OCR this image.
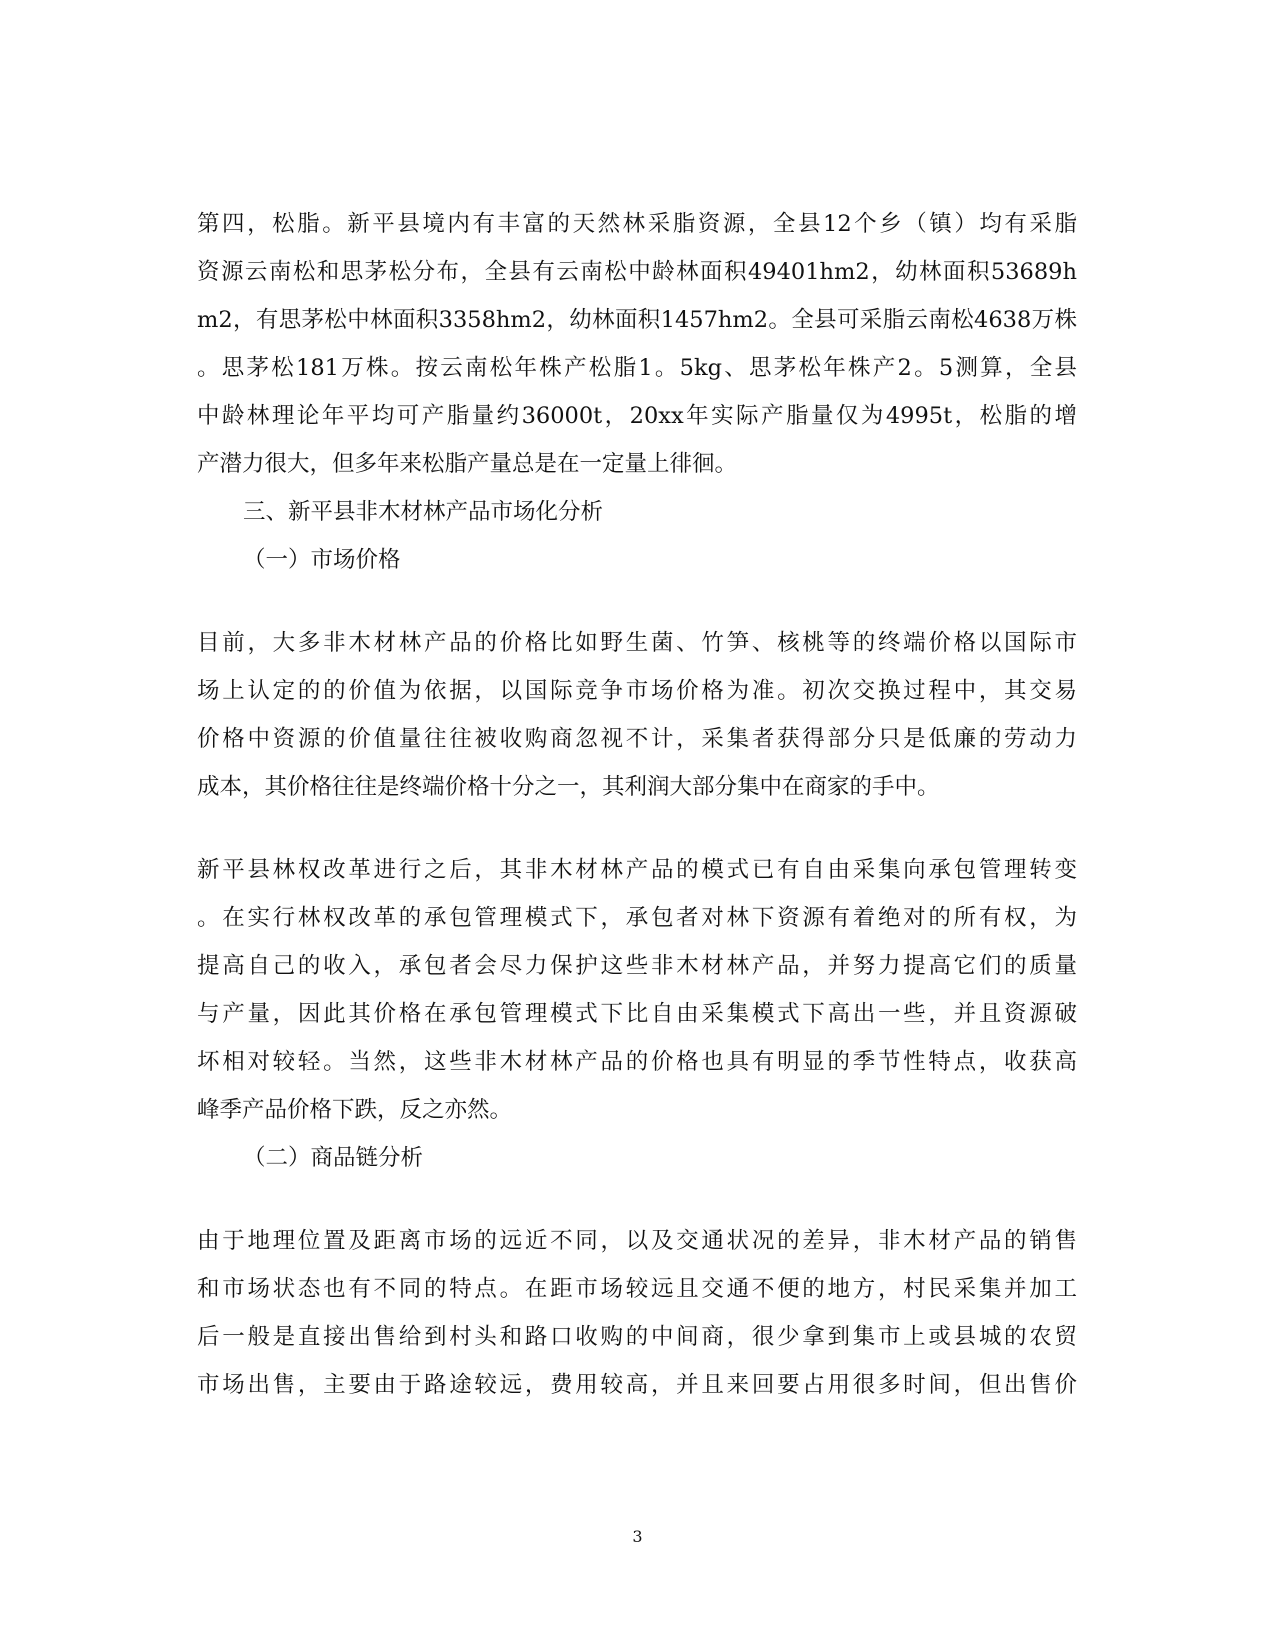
第四，松脂。新平县境内有丰富的天然林采脂资源，全县12个乡（镇）均有采脂
资源云南松和思茅松分布，全县有云南松中龄林面积49401hm2，幼林面积53689h
m2，有思茅松中林面积3358hm2，幼林面积1457hm2。全县可采脂云南松4638万株
。思茅松181万株。按云南松年株产松脂1。5kg、思茅松年株产2。5测算，全县
中龄林理论年平均可产脂量约36000t，20xx年实际产脂量仅为4995t，松脂的增
产潜力很大，但多年来松脂产量总是在一定量上徘徊。
三、新平县非木材林产品市场化分析
（一）市场价格
目前，大多非木材林产品的价格比如野生菌、竹笋、核桃等的终端价格以国际市
场上认定的的价值为依据，以国际竞争市场价格为准。初次交换过程中，其交易
价格中资源的价值量往往被收购商忽视不计，采集者获得部分只是低廉的劳动力
成本，其价格往往是终端价格十分之一，其利润大部分集中在商家的手中。
新平县林权改革进行之后，其非木材林产品的模式已有自由采集向承包管理转变
。在实行林权改革的承包管理模式下，承包者对林下资源有着绝对的所有权，为
提高自己的收入，承包者会尽力保护这些非木材林产品，并努力提高它们的质量
与产量，因此其价格在承包管理模式下比自由采集模式下高出一些，并且资源破
坏相对较轻。当然，这些非木材林产品的价格也具有明显的季节性特点，收获高
峰季产品价格下跌，反之亦然。
（二）商品链分析
由于地理位置及距离市场的远近不同，以及交通状况的差异，非木材产品的销售
和市场状态也有不同的特点。在距市场较远且交通不便的地方，村民采集并加工
后一般是直接出售给到村头和路口收购的中间商，很少拿到集市上或县城的农贸
市场出售，主要由于路途较远，费用较高，并且来回要占用很多时间，但出售价
3
